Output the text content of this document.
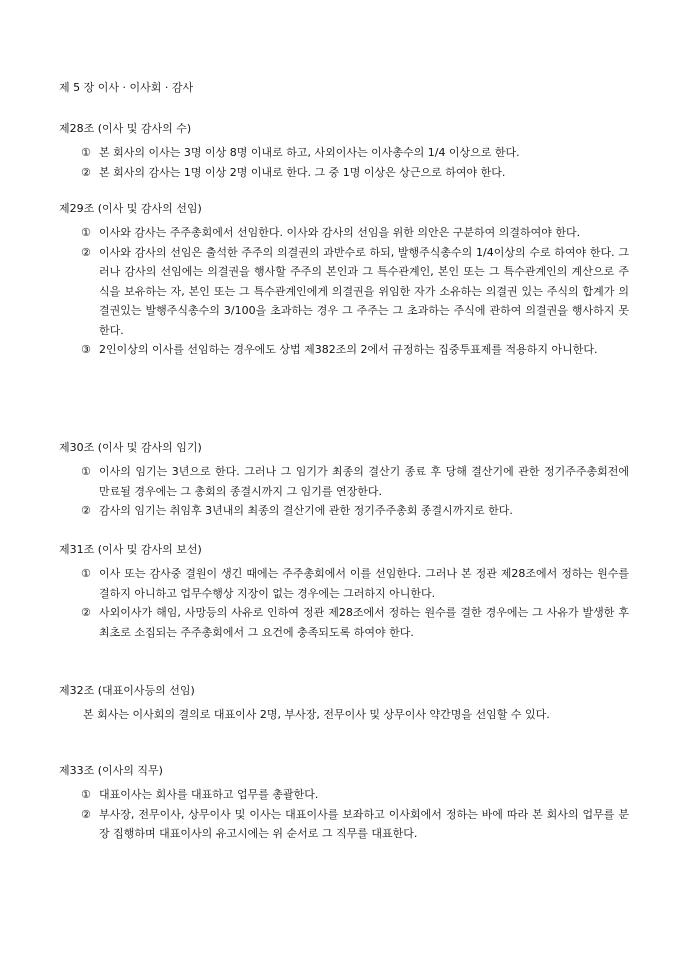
제 5 장 이사 · 이사회 · 감사
제28조 (이사 및 감사의 수)
① 본 회사의 이사는 3명 이상 8명 이내로 하고, 사외이사는 이사총수의 1/4 이상으로 한다.
② 본 회사의 감사는 1명 이상 2명 이내로 한다. 그 중 1명 이상은 상근으로 하여야 한다.
제29조 (이사 및 감사의 선임)
① 이사와 감사는 주주총회에서 선임한다. 이사와 감사의 선임을 위한 의안은 구분하여 의결하여야 한다.
② 이사와 감사의 선임은 출석한 주주의 의결권의 과반수로 하되, 발행주식총수의 1/4이상의 수로 하여야 한다. 그러나 감사의 선임에는 의결권을 행사할 주주의 본인과 그 특수관계인, 본인 또는 그 특수관계인의 계산으로 주식을 보유하는 자, 본인 또는 그 특수관계인에게 의결권을 위임한 자가 소유하는 의결권 있는 주식의 합계가 의결권있는 발행주식총수의 3/100을 초과하는 경우 그 주주는 그 초과하는 주식에 관하여 의결권을 행사하지 못한다.
③ 2인이상의 이사를 선임하는 경우에도 상법 제382조의 2에서 규정하는 집중투표제를 적용하지 아니한다.
제30조 (이사 및 감사의 임기)
① 이사의 임기는 3년으로 한다. 그러나 그 임기가 최종의 결산기 종료 후 당해 결산기에 관한 정기주주총회전에 만료될 경우에는 그 총회의 종결시까지 그 임기를 연장한다.
② 감사의 임기는 취임후 3년내의 최종의 결산기에 관한 정기주주총회 종결시까지로 한다.
제31조 (이사 및 감사의 보선)
① 이사 또는 감사중 결원이 생긴 때에는 주주총회에서 이를 선임한다. 그러나 본 정관 제28조에서 정하는 원수를 결하지 아니하고 업무수행상 지장이 없는 경우에는 그러하지 아니한다.
② 사외이사가 해임, 사망등의 사유로 인하여 정관 제28조에서 정하는 원수를 결한 경우에는 그 사유가 발생한 후 최초로 소집되는 주주총회에서 그 요건에 충족되도록 하여야 한다.
제32조 (대표이사등의 선임)
본 회사는 이사회의 결의로 대표이사 2명, 부사장, 전무이사 및 상무이사 약간명을 선임할 수 있다.
제33조 (이사의 직무)
① 대표이사는 회사를 대표하고 업무를 총괄한다.
② 부사장, 전무이사, 상무이사 및 이사는 대표이사를 보좌하고 이사회에서 정하는 바에 따라 본 회사의 업무를 분장 집행하며 대표이사의 유고시에는 위 순서로 그 직무를 대표한다.
